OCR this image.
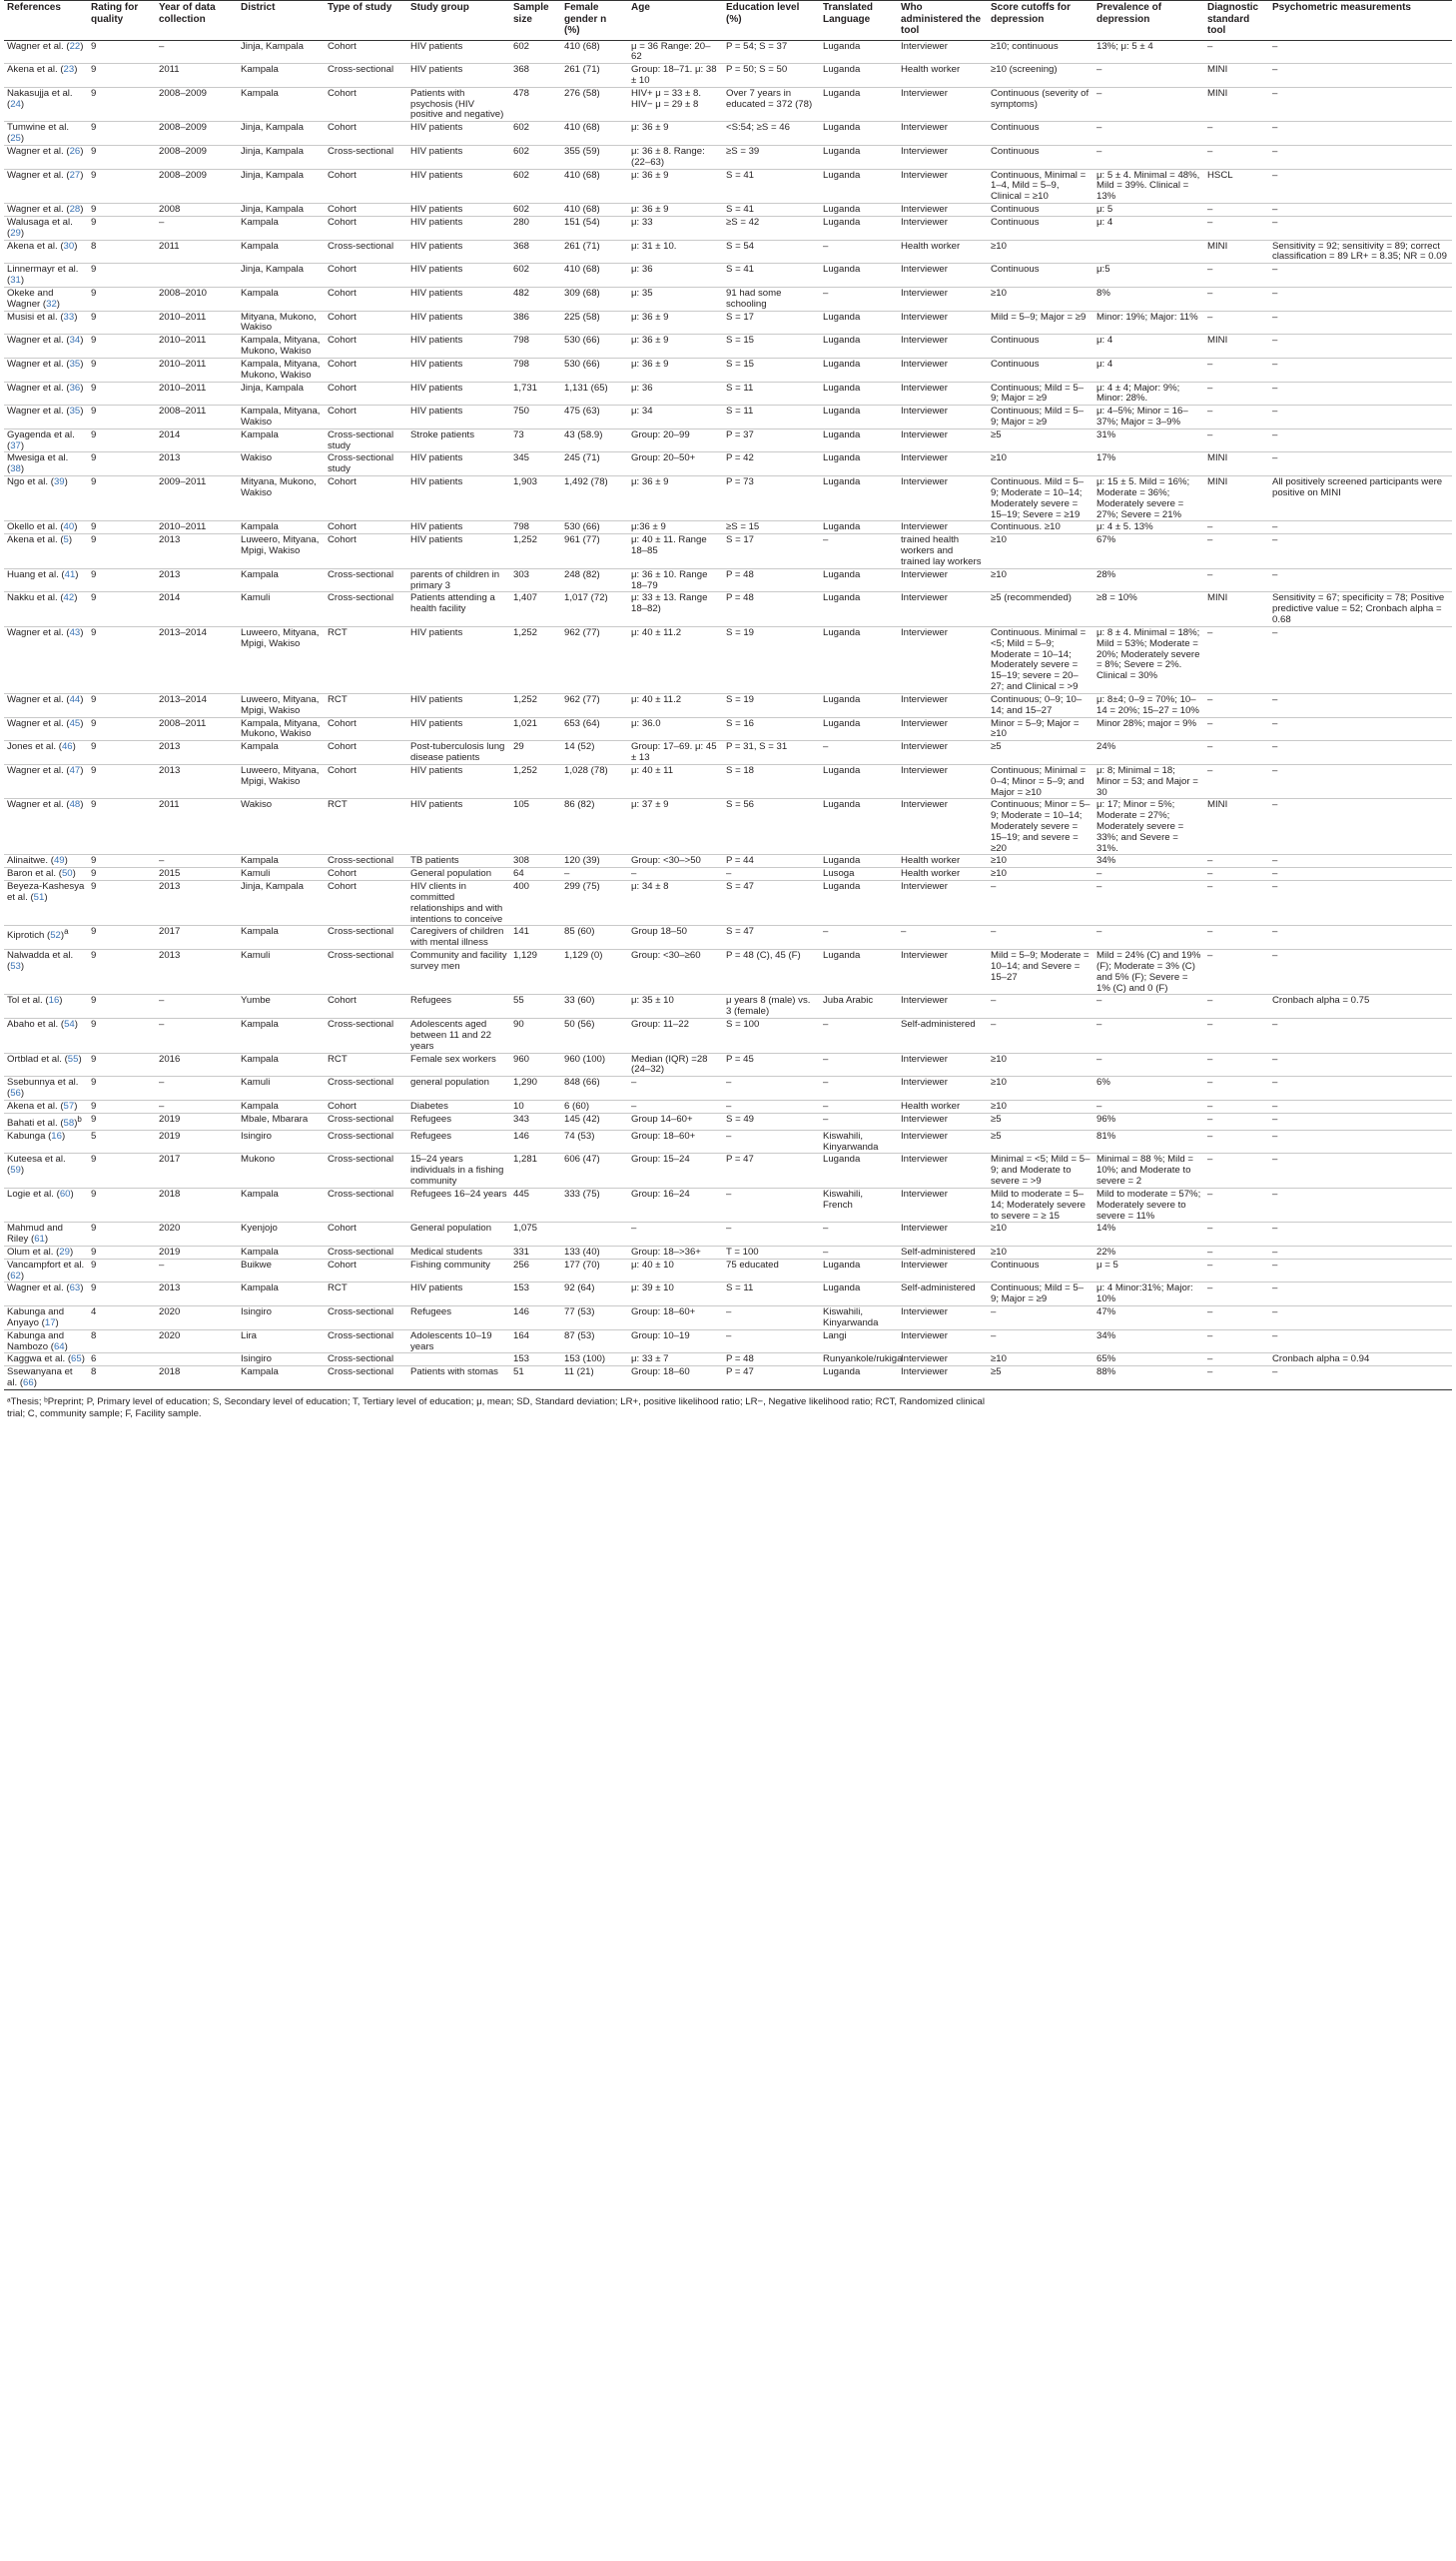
References	Rating for quality	Year of data collection	District	Type of study	Study group	Sample size	Female gender n (%)	Age	Education level (%)	Translated Language	Who administered the tool	Score cutoffs for depression	Prevalence of depression	Diagnostic standard tool	Psychometric measurements
Wagner et al. (22)	9	–	Jinja, Kampala	Cohort	HIV patients	602	410 (68)	μ = 36 Range: 20–62	P = 54; S = 37	Luganda	Interviewer	≥10; continuous	13%; μ: 5 ± 4	–	–
Akena et al. (23)	9	2011	Kampala	Cross-sectional	HIV patients	368	261 (71)	Group: 18–71. μ: 38 ± 10	P = 50; S = 50	Luganda	Health worker	≥10 (screening)	–	MINI	–
Nakasujja et al. (24)	9	2008–2009	Kampala	Cohort	Patients with psychosis (HIV positive and negative)	478	276 (58)	HIV+ μ = 33 ± 8. HIV− μ = 29 ± 8	Over 7 years in educated = 372 (78)	Luganda	Interviewer	Continuous (severity of symptoms)	–	MINI	–
Tumwine et al. (25)	9	2008–2009	Jinja, Kampala	Cohort	HIV patients	602	410 (68)	μ: 36 ± 9	<S:54; ≥S = 46	Luganda	Interviewer	Continuous	–	–	–
Wagner et al. (26)	9	2008–2009	Jinja, Kampala	Cross-sectional	HIV patients	602	355 (59)	μ: 36 ± 8. Range: (22–63)	≥S = 39	Luganda	Interviewer	Continuous	–	–	–
Wagner et al. (27)	9	2008–2009	Jinja, Kampala	Cohort	HIV patients	602	410 (68)	μ: 36 ± 9	S = 41	Luganda	Interviewer	Continuous, Minimal = 1–4, Mild = 5–9, Clinical = ≥10	μ: 5 ± 4. Minimal = 48%, Mild = 39%. Clinical = 13%	HSCL	–
Wagner et al. (28)	9	2008	Jinja, Kampala	Cohort	HIV patients	602	410 (68)	μ: 36 ± 9	S = 41	Luganda	Interviewer	Continuous	μ: 5	–	–
Walusaga et al. (29)	9	–	Kampala	Cohort	HIV patients	280	151 (54)	μ: 33	≥S = 42	Luganda	Interviewer	Continuous	μ: 4	–	–
Akena et al. (30)	8	2011	Kampala	Cross-sectional	HIV patients	368	261 (71)	μ: 31 ± 10.	S = 54	–	Health worker	≥10		MINI	Sensitivity = 92; sensitivity = 89; correct classification = 89 LR+ = 8.35; NR = 0.09
Linnermayr et al. (31)	9		Jinja, Kampala	Cohort	HIV patients	602	410 (68)	μ: 36	S = 41	Luganda	Interviewer	Continuous	μ:5	–	–
Okeke and Wagner (32)	9	2008–2010	Kampala	Cohort	HIV patients	482	309 (68)	μ: 35	91 had some schooling	–	Interviewer	≥10	8%	–	–
Musisi et al. (33)	9	2010–2011	Mityana, Mukono, Wakiso	Cohort	HIV patients	386	225 (58)	μ: 36 ± 9	S = 17	Luganda	Interviewer	Mild = 5–9; Major = ≥9	Minor: 19%; Major: 11%	–	–
Wagner et al. (34)	9	2010–2011	Kampala, Mityana, Mukono, Wakiso	Cohort	HIV patients	798	530 (66)	μ: 36 ± 9	S = 15	Luganda	Interviewer	Continuous	μ: 4	MINI	–
Wagner et al. (35)	9	2010–2011	Kampala, Mityana, Mukono, Wakiso	Cohort	HIV patients	798	530 (66)	μ: 36 ± 9	S = 15	Luganda	Interviewer	Continuous	μ: 4	–	–
Wagner et al. (36)	9	2010–2011	Jinja, Kampala	Cohort	HIV patients	1,731	1,131 (65)	μ: 36	S = 11	Luganda	Interviewer	Continuous; Mild = 5–9; Major = ≥9	μ: 4 ± 4; Major: 9%; Minor: 28%.	–	–
Wagner et al. (35)	9	2008–2011	Kampala, Mityana, Wakiso	Cohort	HIV patients	750	475 (63)	μ: 34	S = 11	Luganda	Interviewer	Continuous; Mild = 5–9; Major = ≥9	μ: 4–5%; Minor = 16–37%; Major = 3–9%	–	–
Gyagenda et al. (37)	9	2014	Kampala	Cross-sectional study	Stroke patients	73	43 (58.9)	Group: 20–99	P = 37	Luganda	Interviewer	≥5	31%	–	–
Mwesiga et al. (38)	9	2013	Wakiso	Cross-sectional study	HIV patients	345	245 (71)	Group: 20–50+	P = 42	Luganda	Interviewer	≥10	17%	MINI	–
Ngo et al. (39)	9	2009–2011	Mityana, Mukono, Wakiso	Cohort	HIV patients	1,903	1,492 (78)	μ: 36 ± 9	P = 73	Luganda	Interviewer	Continuous. Mild = 5–9; Moderate = 10–14; Moderately severe = 15–19; Severe = ≥19	μ: 15 ± 5. Mild = 16%; Moderate = 36%; Moderately severe = 27%; Severe = 21%	MINI	All positively screened participants were positive on MINI
Okello et al. (40)	9	2010–2011	Kampala	Cohort	HIV patients	798	530 (66)	μ:36 ± 9	≥S = 15	Luganda	Interviewer	Continuous. ≥10	μ: 4 ± 5. 13%	–	–
Akena et al. (5)	9	2013	Luweero, Mityana, Mpigi, Wakiso	Cohort	HIV patients	1,252	961 (77)	μ: 40 ± 11. Range 18–85	S = 17	–	trained health workers and trained lay workers	≥10	67%	–	–
Huang et al. (41)	9	2013	Kampala	Cross-sectional	parents of children in primary 3	303	248 (82)	μ: 36 ± 10. Range 18–79	P = 48	Luganda	Interviewer	≥10	28%	–	–
Nakku et al. (42)	9	2014	Kamuli	Cross-sectional	Patients attending a health facility	1,407	1,017 (72)	μ: 33 ± 13. Range 18–82)	P = 48	Luganda	Interviewer	≥5 (recommended)	≥8 = 10%	MINI	Sensitivity = 67; specificity = 78; Positive predictive value = 52; Cronbach alpha = 0.68
Wagner et al. (43)	9	2013–2014	Luweero, Mityana, Mpigi, Wakiso	RCT	HIV patients	1,252	962 (77)	μ: 40 ± 11.2	S = 19	Luganda	Interviewer	Continuous. Minimal = <5; Mild = 5–9; Moderate = 10–14; Moderately severe = 15–19; severe = 20–27; and Clinical = >9	μ: 8 ± 4. Minimal = 18%; Mild = 53%; Moderate = 20%; Moderately severe = 8%; Severe = 2%. Clinical = 30%	–	–
Wagner et al. (44)	9	2013–2014	Luweero, Mityana, Mpigi, Wakiso	RCT	HIV patients	1,252	962 (77)	μ: 40 ± 11.2	S = 19	Luganda	Interviewer	Continuous; 0–9; 10–14; and 15–27	μ: 8±4; 0–9 = 70%; 10–14 = 20%; 15–27 = 10%	–	–
Wagner et al. (45)	9	2008–2011	Kampala, Mityana, Mukono, Wakiso	Cohort	HIV patients	1,021	653 (64)	μ: 36.0	S = 16	Luganda	Interviewer	Minor = 5–9; Major = ≥10	Minor 28%; major = 9%	–	–
Jones et al. (46)	9	2013	Kampala	Cohort	Post-tuberculosis lung disease patients	29	14 (52)	Group: 17–69. μ: 45 ± 13	P = 31, S = 31	–	Interviewer	≥5	24%	–	–
Wagner et al. (47)	9	2013	Luweero, Mityana, Mpigi, Wakiso	Cohort	HIV patients	1,252	1,028 (78)	μ: 40 ± 11	S = 18	Luganda	Interviewer	Continuous; Minimal = 0–4; Minor = 5–9; and Major = ≥10	μ: 8; Minimal = 18; Minor = 53; and Major = 30	–	–
Wagner et al. (48)	9	2011	Wakiso	RCT	HIV patients	105	86 (82)	μ: 37 ± 9	S = 56	Luganda	Interviewer	Continuous; Minor = 5–9; Moderate = 10–14; Moderately severe = 15–19; and severe = ≥20	μ: 17; Minor = 5%; Moderate = 27%; Moderately severe = 33%; and Severe = 31%.	MINI	–
Alinaitwe. (49)	9	–	Kampala	Cross-sectional	TB patients	308	120 (39)	Group: <30–>50	P = 44	Luganda	Health worker	≥10	34%	–	–
Baron et al. (50)	9	2015	Kamuli	Cohort	General population	64	–	–	–	Lusoga	Health worker	≥10	–	–	–
Beyeza-Kashesya et al. (51)	9	2013	Jinja, Kampala	Cohort	HIV clients in committed relationships and with intentions to conceive	400	299 (75)	μ: 34 ± 8	S = 47	Luganda	Interviewer	–	–	–	–
Kiprotich $(52)^a$	9	2017	Kampala	Cross-sectional	Caregivers of children with mental illness	141	85 (60)	Group 18–50	S = 47	–	–	–	–	–	–
Nalwadda et al. (53)	9	2013	Kamuli	Cross-sectional	Community and facility survey men	1,129	1,129 (0)	Group: <30–≥60	P = 48 (C), 45 (F)	Luganda	Interviewer	Mild = 5–9; Moderate = 10–14; and Severe = 15–27	Mild = 24% (C) and 19% (F); Moderate = 3% (C) and 5% (F); Severe = 1% (C) and 0 (F)	–	–
Tol et al. (16)	9	–	Yumbe	Cohort	Refugees	55	33 (60)	μ: 35 ± 10	μ years 8 (male) vs. 3 (female)	Juba Arabic	Interviewer	–	–	–	Cronbach alpha = 0.75
Abaho et al. (54)	9	–	Kampala	Cross-sectional	Adolescents aged between 11 and 22 years	90	50 (56)	Group: 11–22	S = 100	–	Self-administered	–	–	–	–
Ortblad et al. (55)	9	2016	Kampala	RCT	Female sex workers	960	960 (100)	Median (IQR) =28 (24–32)	P = 45	–	Interviewer	≥10	–	–	–
Ssebunnya et al. (56)	9	–	Kamuli	Cross-sectional	general population	1,290	848 (66)	–	–	–	Interviewer	≥10	6%	–	–
Akena et al. (57)	9	–	Kampala	Cohort	Diabetes	10	6 (60)	–	–	–	Health worker	≥10	–	–	–
Bahati et al. $(58)^b$	9	2019	Mbale, Mbarara	Cross-sectional	Refugees	343	145 (42)	Group 14–60+	S = 49	–	Interviewer	≥5	96%	–	–
Kabunga (16)	5	2019	Isingiro	Cross-sectional	Refugees	146	74 (53)	Group: 18–60+	–	Kiswahili, Kinyarwanda	Interviewer	≥5	81%	–	–
Kuteesa et al. (59)	9	2017	Mukono	Cross-sectional	15–24 years individuals in a fishing community	1,281	606 (47)	Group: 15–24	P = 47	Luganda	Interviewer	Minimal = <5; Mild = 5–9; and Moderate to severe = >9	Minimal = 88 %; Mild = 10%; and Moderate to severe = 2	–	–
Logie et al. (60)	9	2018	Kampala	Cross-sectional	Refugees 16–24 years	445	333 (75)	Group: 16–24	–	Kiswahili, French	Interviewer	Mild to moderate = 5–14; Moderately severe to severe = ≥ 15	Mild to moderate = 57%; Moderately severe to severe = 11%	–	–
Mahmud and Riley (61)	9	2020	Kyenjojo	Cohort	General population	1,075		–	–	–	Interviewer	≥10	14%	–	–
Olum et al. (29)	9	2019	Kampala	Cross-sectional	Medical students	331	133 (40)	Group: 18–>36+	T = 100	–	Self-administered	≥10	22%	–	–
Vancampfort et al. (62)	9	–	Buikwe	Cohort	Fishing community	256	177 (70)	μ: 40 ± 10	75 educated	Luganda	Interviewer	Continuous	μ = 5	–	–
Wagner et al. (63)	9	2013	Kampala	RCT	HIV patients	153	92 (64)	μ: 39 ± 10	S = 11	Luganda	Self-administered	Continuous; Mild = 5–9; Major = ≥9	μ: 4 Minor:31%; Major: 10%	–	–
Kabunga and Anyayo (17)	4	2020	Isingiro	Cross-sectional	Refugees	146	77 (53)	Group: 18–60+	–	Kiswahili, Kinyarwanda	Interviewer	–	47%	–	–
Kabunga and Nambozo (64)	8	2020	Lira	Cross-sectional	Adolescents 10–19 years	164	87 (53)	Group: 10–19	–	Langi	Interviewer	–	34%	–	–
Kaggwa et al. (65)	6		Isingiro	Cross-sectional		153	153 (100)	μ: 33 ± 7	P = 48	Runyankole/rukiga	Interviewer	≥10	65%	–	Cronbach alpha = 0.94
Ssewanyana et al. (66)	8	2018	Kampala	Cross-sectional	Patients with stomas	51	11 (21)	Group: 18–60	P = 47	Luganda	Interviewer	≥5	88%	–	–
ᵃThesis; ᵇPreprint; P, Primary level of education; S, Secondary level of education; T, Tertiary level of education; μ, mean; SD, Standard deviation; LR+, positive likelihood ratio; LR−, Negative likelihood ratio; RCT, Randomized clinical
trial; C, community sample; F, Facility sample.
